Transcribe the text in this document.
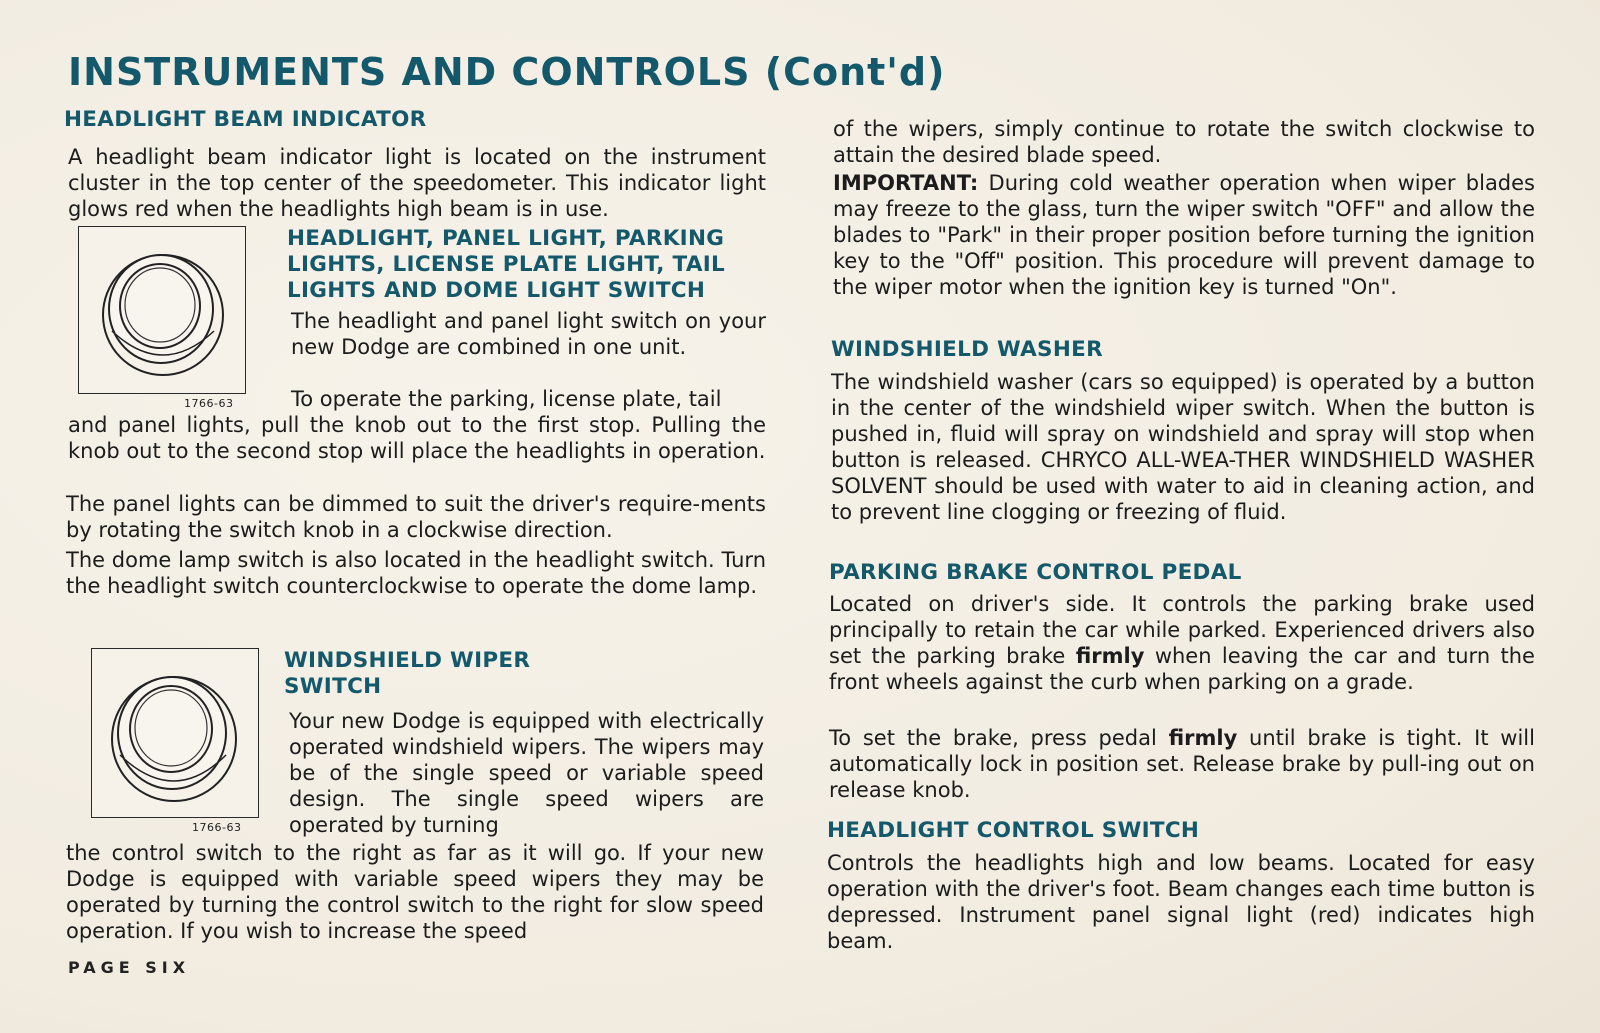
INSTRUMENTS AND CONTROLS (Cont'd)
HEADLIGHT BEAM INDICATOR
A headlight beam indicator light is located on the instrument cluster in the top center of the speedometer. This indicator light glows red when the headlights high beam is in use.
1766-63
HEADLIGHT, PANEL LIGHT, PARKING
LIGHTS, LICENSE PLATE LIGHT, TAIL
LIGHTS AND DOME LIGHT SWITCH
The headlight and panel light switch on your new Dodge are combined in one unit.
To operate the parking, license plate, tail
and panel lights, pull the knob out to the first stop. Pulling the knob out to the second stop will place the headlights in operation.
The panel lights can be dimmed to suit the driver's require-ments by rotating the switch knob in a clockwise direction.
The dome lamp switch is also located in the headlight switch. Turn the headlight switch counterclockwise to operate the dome lamp.
1766-63
WINDSHIELD WIPER
SWITCH
Your new Dodge is equipped with electrically operated windshield wipers. The wipers may be of the single speed or variable speed design. The single speed wipers are operated by turning
the control switch to the right as far as it will go. If your new Dodge is equipped with variable speed wipers they may be operated by turning the control switch to the right for slow speed operation. If you wish to increase the speed
PAGE SIX
of the wipers, simply continue to rotate the switch clockwise to attain the desired blade speed.
IMPORTANT: During cold weather operation when wiper blades may freeze to the glass, turn the wiper switch "OFF" and allow the blades to "Park" in their proper position before turning the ignition key to the "Off" position. This procedure will prevent damage to the wiper motor when the ignition key is turned "On".
WINDSHIELD WASHER
The windshield washer (cars so equipped) is operated by a button in the center of the windshield wiper switch. When the button is pushed in, fluid will spray on windshield and spray will stop when button is released. CHRYCO ALL-WEA-THER WINDSHIELD WASHER SOLVENT should be used with water to aid in cleaning action, and to prevent line clogging or freezing of fluid.
PARKING BRAKE CONTROL PEDAL
Located on driver's side. It controls the parking brake used principally to retain the car while parked. Experienced drivers also set the parking brake firmly when leaving the car and turn the front wheels against the curb when parking on a grade.
To set the brake, press pedal firmly until brake is tight. It will automatically lock in position set. Release brake by pull-ing out on release knob.
HEADLIGHT CONTROL SWITCH
Controls the headlights high and low beams. Located for easy operation with the driver's foot. Beam changes each time button is depressed. Instrument panel signal light (red) indicates high beam.
